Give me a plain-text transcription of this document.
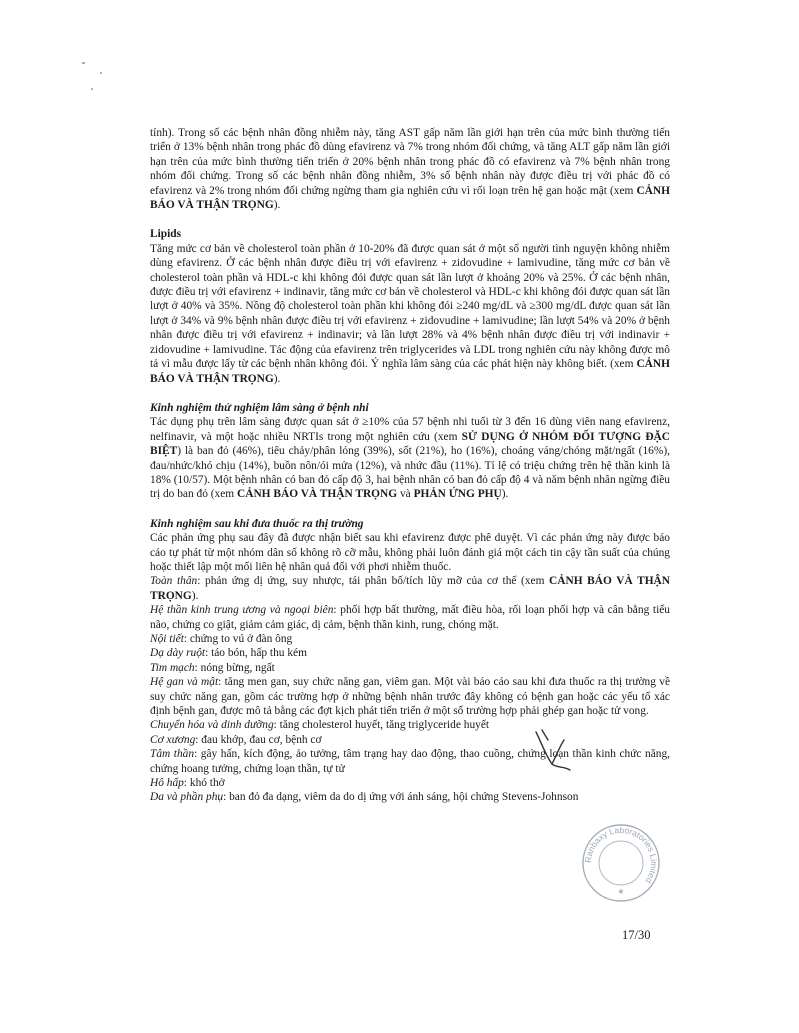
tính). Trong số các bệnh nhân đồng nhiễm này, tăng AST gấp năm lần giới hạn trên của mức bình thường tiến triển ở 13% bệnh nhân trong phác đồ dùng efavirenz và 7% trong nhóm đối chứng, và tăng ALT gấp năm lần giới hạn trên của mức bình thường tiến triển ở 20% bệnh nhân trong phác đồ có efavirenz và 7% bệnh nhân trong nhóm đối chứng. Trong số các bệnh nhân đồng nhiễm, 3% số bệnh nhân này được điều trị với phác đồ có efavirenz và 2% trong nhóm đối chứng ngừng tham gia nghiên cứu vì rối loạn trên hệ gan hoặc mật (xem CẢNH BÁO VÀ THẬN TRỌNG).

Lipids

Tăng mức cơ bản về cholesterol toàn phần ở 10-20% đã được quan sát ở một số người tình nguyện không nhiễm dùng efavirenz. Ở các bệnh nhân được điều trị với efavirenz + zidovudine + lamivudine, tăng mức cơ bản về cholesterol toàn phần và HDL-c khi không đói được quan sát lần lượt ở khoảng 20% và 25%. Ở các bệnh nhân, được điều trị với efavirenz + indinavir, tăng mức cơ bản về cholesterol và HDL-c khi không đói được quan sát lần lượt ở 40% và 35%. Nồng độ cholesterol toàn phần khi không đói ≥240 mg/dL và ≥300 mg/dL được quan sát lần lượt ở 34% và 9% bệnh nhân được điều trị với efavirenz + zidovudine + lamivudine; lần lượt 54% và 20% ở bệnh nhân được điều trị với efavirenz + indinavir; và lần lượt 28% và 4% bệnh nhân được điều trị với indinavir + zidovudine + lamivudine. Tác động của efavirenz trên triglycerides và LDL trong nghiên cứu này không được mô tả vì mẫu được lấy từ các bệnh nhân không đói. Ý nghĩa lâm sàng của các phát hiện này không biết. (xem CẢNH BÁO VÀ THẬN TRỌNG).

Kinh nghiệm thử nghiệm lâm sàng ở bệnh nhi

Tác dụng phụ trên lâm sàng được quan sát ở ≥10% của 57 bệnh nhi tuổi từ 3 đến 16 dùng viên nang efavirenz, nelfinavir, và một hoặc nhiều NRTIs trong một nghiên cứu (xem SỬ DỤNG Ở NHÓM ĐỐI TƯỢNG ĐẶC BIỆT) là ban đỏ (46%), tiêu chảy/phân lỏng (39%), sốt (21%), ho (16%), choáng váng/chóng mặt/ngất (16%), đau/nhức/khó chịu (14%), buồn nôn/ói mửa (12%), và nhức đầu (11%). Tỉ lệ có triệu chứng trên hệ thần kinh là 18% (10/57). Một bệnh nhân có ban đỏ cấp độ 3, hai bệnh nhân có ban đỏ cấp độ 4 và năm bệnh nhân ngừng điều trị do ban đỏ (xem CẢNH BÁO VÀ THẬN TRỌNG và PHẢN ỨNG PHỤ).

Kinh nghiệm sau khi đưa thuốc ra thị trường

Các phản ứng phụ sau đây đã được nhận biết sau khi efavirenz được phê duyệt. Vì các phản ứng này được báo cáo tự phát từ một nhóm dân số không rõ cỡ mẫu, không phải luôn đánh giá một cách tin cậy tần suất của chúng hoặc thiết lập một mối liên hệ nhân quả đối với phơi nhiễm thuốc.

Toàn thân: phản ứng dị ứng, suy nhược, tái phân bố/tích lũy mỡ của cơ thể (xem CẢNH BÁO VÀ THẬN TRỌNG).

Hệ thần kinh trung ương và ngoại biên: phối hợp bất thường, mất điều hòa, rối loạn phối hợp và cân bằng tiểu não, chứng co giật, giảm cảm giác, dị cảm, bệnh thần kinh, rung, chóng mặt.

Nội tiết: chứng to vú ở đàn ông

Dạ dày ruột: táo bón, hấp thu kém

Tim mạch: nóng bừng, ngất

Hệ gan và mật: tăng men gan, suy chức năng gan, viêm gan. Một vài báo cáo sau khi đưa thuốc ra thị trường về suy chức năng gan, gồm các trường hợp ở những bệnh nhân trước đây không có bệnh gan hoặc các yếu tố xác định bệnh gan, được mô tả bằng các đợt kịch phát tiến triển ở một số trường hợp phải ghép gan hoặc tử vong.

Chuyển hóa và dinh dưỡng: tăng cholesterol huyết, tăng triglyceride huyết

Cơ xương: đau khớp, đau cơ, bệnh cơ

Tâm thần: gây hấn, kích động, ảo tưởng, tâm trạng hay dao động, thao cuồng, chứng loạn thần kinh chức năng, chứng hoang tưởng, chứng loạn thần, tự tử

Hô hấp: khó thở

Da và phần phụ: ban đỏ đa dạng, viêm da do dị ứng với ánh sáng, hội chứng Stevens-Johnson

Ranbaxy Laboratories Limited
★
17/30
